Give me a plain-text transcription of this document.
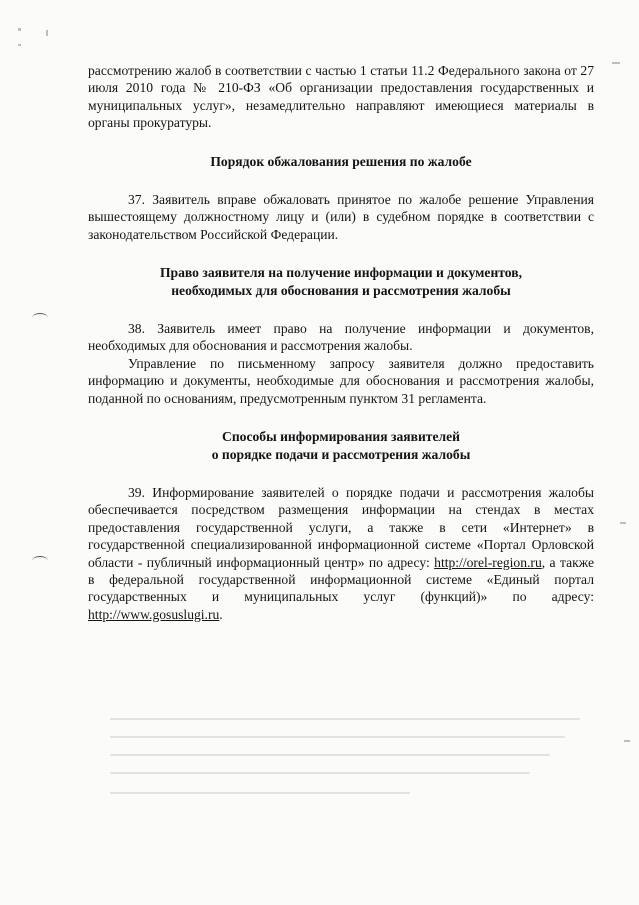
рассмотрению жалоб в соответствии с частью 1 статьи 11.2 Федерального закона от 27 июля 2010 года № 210-ФЗ «Об организации предоставления государственных и муниципальных услуг», незамедлительно направляют имеющиеся материалы в органы прокуратуры.

Порядок обжалования решения по жалобе

37. Заявитель вправе обжаловать принятое по жалобе решение Управления вышестоящему должностному лицу и (или) в судебном порядке в соответствии с законодательством Российской Федерации.

Право заявителя на получение информации и документов,
необходимых для обоснования и рассмотрения жалобы

38. Заявитель имеет право на получение информации и документов, необходимых для обоснования и рассмотрения жалобы.

Управление по письменному запросу заявителя должно предоставить информацию и документы, необходимые для обоснования и рассмотрения жалобы, поданной по основаниям, предусмотренным пунктом 31 регламента.

Способы информирования заявителей
о порядке подачи и рассмотрения жалобы

39. Информирование заявителей о порядке подачи и рассмотрения жалобы обеспечивается посредством размещения информации на стендах в местах предоставления государственной услуги, а также в сети «Интернет» в государственной специализированной информационной системе «Портал Орловской области - публичный информационный центр» по адресу: http://orel-region.ru, а также в федеральной государственной информационной системе «Единый портал государственных и муниципальных услуг (функций)» по адресу: http://www.gosuslugi.ru.
